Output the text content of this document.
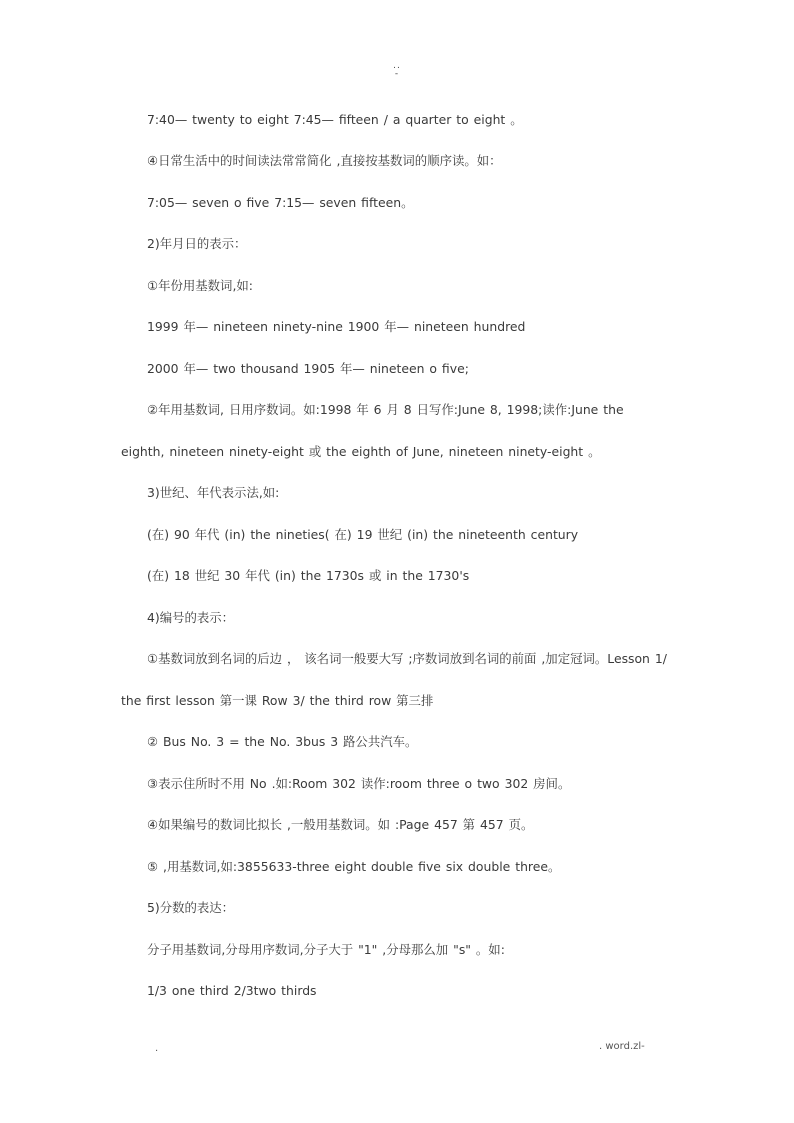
..
-
7:40— twenty to eight 7:45— fifteen / a quarter to eight 。
④日常生活中的时间读法常常简化 ,直接按基数词的顺序读。如：
7:05— seven o five 7:15— seven fifteen。
2)年月日的表示：
①年份用基数词,如:
1999 年— nineteen ninety-nine 1900 年— nineteen hundred
2000 年— two thousand 1905 年— nineteen o five;
②年用基数词, 日用序数词。如:1998 年 6 月 8 日写作:June 8, 1998;读作:June the
eighth, nineteen ninety-eight 或 the eighth of June, nineteen ninety-eight 。
3)世纪、年代表示法,如:
(在) 90 年代 (in) the nineties( 在) 19 世纪 (in) the nineteenth century
(在) 18 世纪 30 年代 (in) the 1730s 或 in the 1730's
4)编号的表示：
①基数词放到名词的后边 ， 该名词一般要大写 ;序数词放到名词的前面 ,加定冠词。Lesson 1/
the first lesson 第一课 Row 3/ the third row 第三排
② Bus No. 3 = the No. 3bus 3 路公共汽车。
③表示住所时不用 No .如:Room 302 读作:room three o two 302 房间。
④如果编号的数词比拟长 ,一般用基数词。如 :Page 457 第 457 页。
⑤ ,用基数词,如:3855633-three eight double five six double three。
5)分数的表达：
分子用基数词,分母用序数词,分子大于 "1" ,分母那么加 "s" 。如:
1/3 one third 2/3two thirds
.	. word.zl-
